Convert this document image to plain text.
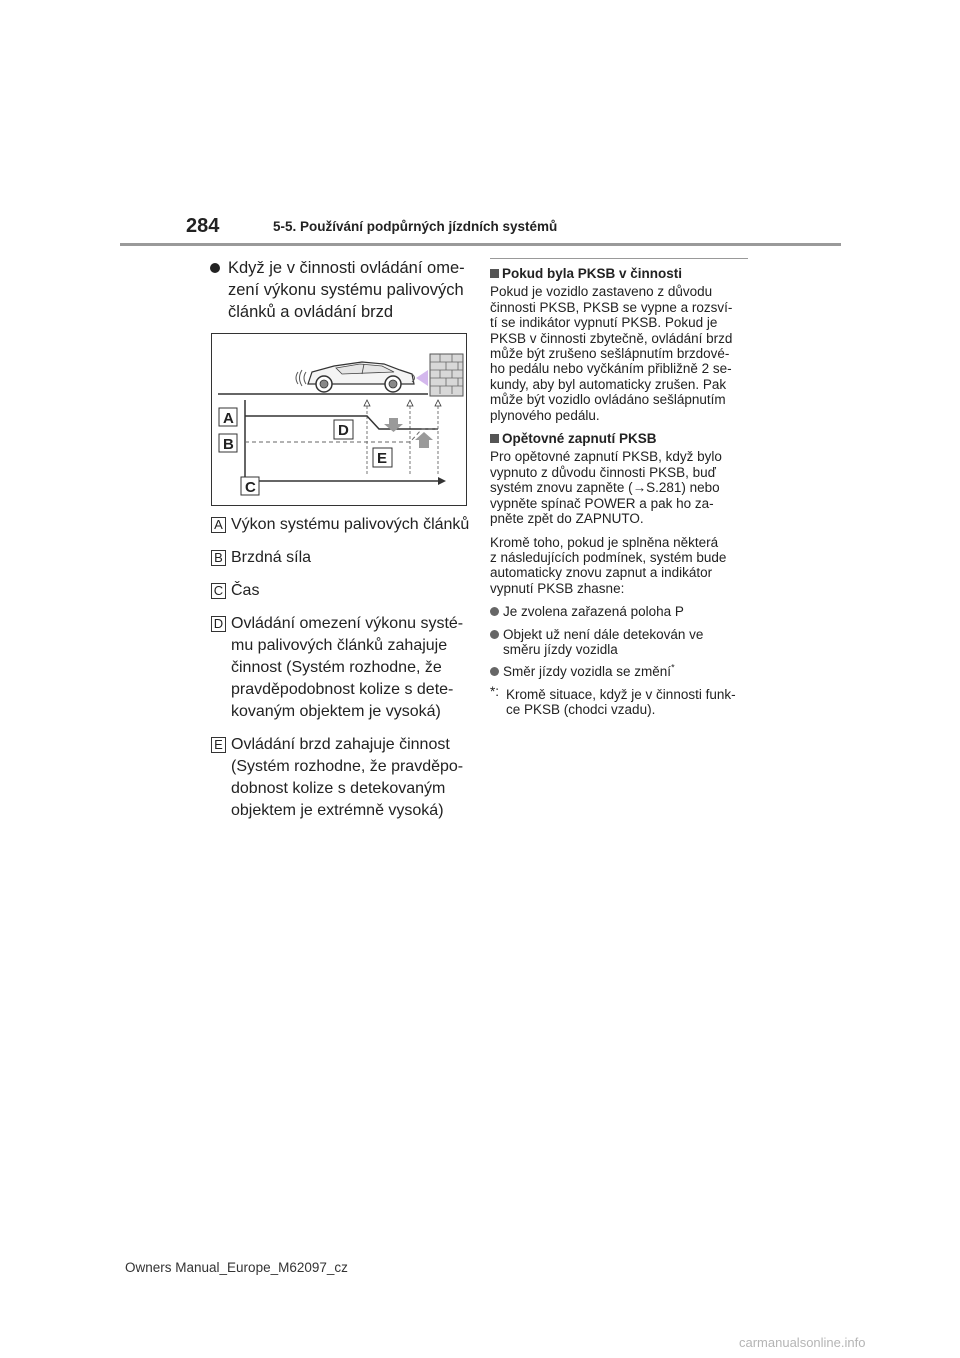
284	5-5. Používání podpůrných jízdních systémů
Když je v činnosti ovládání ome-
zení výkonu systému palivových
článků a ovládání brzd
A
B
C
D
E
A Výkon systému palivových článků
B Brzdná síla
C Čas
D Ovládání omezení výkonu systé-
mu palivových článků zahajuje
činnost (Systém rozhodne, že
pravděpodobnost kolize s dete-
kovaným objektem je vysoká)
E Ovládání brzd zahajuje činnost
(Systém rozhodne, že pravděpo-
dobnost kolize s detekovaným
objektem je extrémně vysoká)
Pokud byla PKSB v činnosti
Pokud je vozidlo zastaveno z důvodu
činnosti PKSB, PKSB se vypne a rozsví-
tí se indikátor vypnutí PKSB. Pokud je
PKSB v činnosti zbytečně, ovládání brzd
může být zrušeno sešlápnutím brzdové-
ho pedálu nebo vyčkáním přibližně 2 se-
kundy, aby byl automaticky zrušen. Pak
může být vozidlo ovládáno sešlápnutím
plynového pedálu.
Opětovné zapnutí PKSB
Pro opětovné zapnutí PKSB, když bylo
vypnuto z důvodu činnosti PKSB, buď
systém znovu zapněte (→S.281) nebo
vypněte spínač POWER a pak ho za-
pněte zpět do ZAPNUTO.
Kromě toho, pokud je splněna některá
z následujících podmínek, systém bude
automaticky znovu zapnut a indikátor
vypnutí PKSB zhasne:
Je zvolena zařazená poloha P
Objekt už není dále detekován ve
směru jízdy vozidla
Směr jízdy vozidla se změní*
*: Kromě situace, když je v činnosti funk-
ce PKSB (chodci vzadu).
Owners Manual_Europe_M62097_cz
carmanualsonline.info
